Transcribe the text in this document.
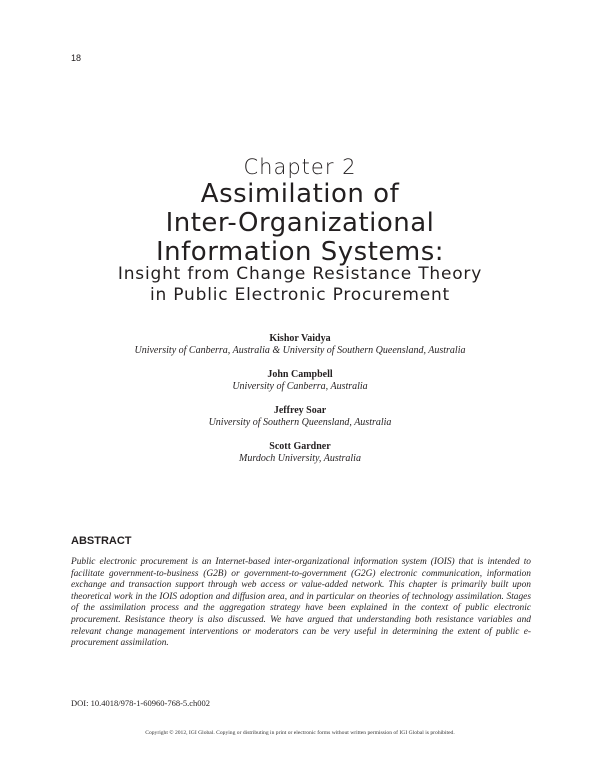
18
Chapter 2
Assimilation of
Inter-Organizational
Information Systems:
Insight from Change Resistance Theory
in Public Electronic Procurement
Kishor Vaidya
University of Canberra, Australia & University of Southern Queensland, Australia
John Campbell
University of Canberra, Australia
Jeffrey Soar
University of Southern Queensland, Australia
Scott Gardner
Murdoch University, Australia
ABSTRACT
Public electronic procurement is an Internet-based inter-organizational information system (IOIS) that is intended to facilitate government-to-business (G2B) or government-to-government (G2G) electronic communication, information exchange and transaction support through web access or value-added network. This chapter is primarily built upon theoretical work in the IOIS adoption and diffusion area, and in particular on theories of technology assimilation. Stages of the assimilation process and the aggregation strategy have been explained in the context of public electronic procurement. Resistance theory is also discussed. We have argued that understanding both resistance variables and relevant change management interventions or moderators can be very useful in determining the extent of public e-procurement assimilation.
DOI: 10.4018/978-1-60960-768-5.ch002
Copyright © 2012, IGI Global. Copying or distributing in print or electronic forms without written permission of IGI Global is prohibited.
